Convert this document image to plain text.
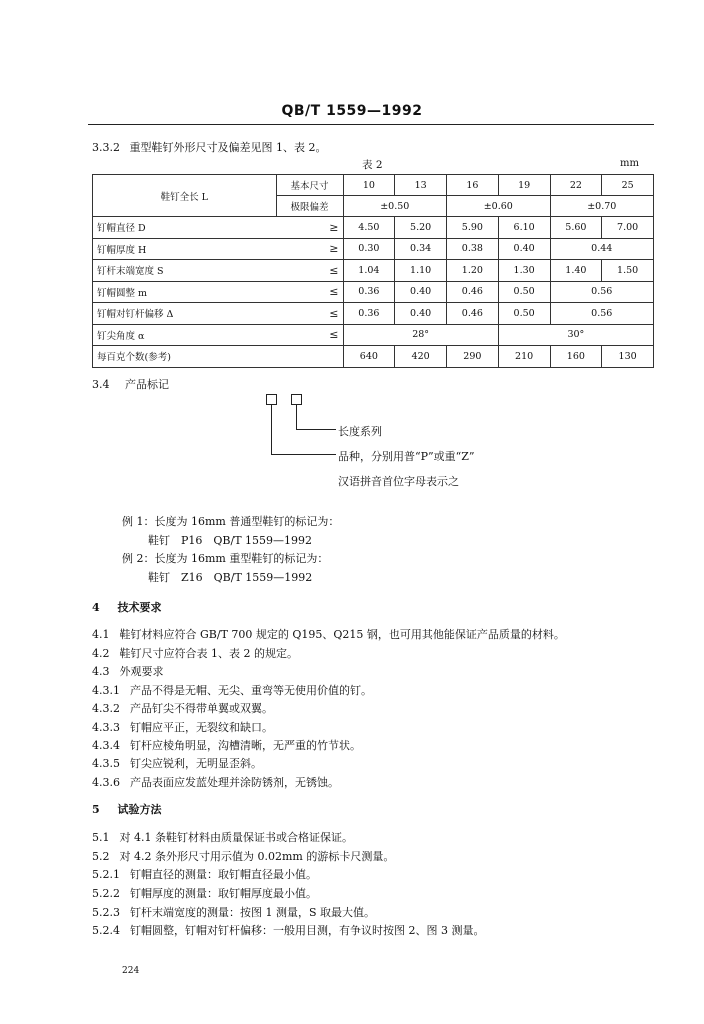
QB/T 1559—1992
3.3.2 重型鞋钉外形尺寸及偏差见图 1、表 2。
表 2	mm
鞋钉全长 L	基本尺寸	10	13	16	19	22	25
	极限偏差	±0.50		±0.60		±0.70	
钉帽直径 D	≥	4.50	5.20	5.90	6.10	5.60	7.00
钉帽厚度 H	≥	0.30	0.34	0.38	0.40	0.44	
钉杆末端宽度 S	≤	1.04	1.10	1.20	1.30	1.40	1.50
钉帽圆整 m	≤	0.36	0.40	0.46	0.50	0.56	
钉帽对钉杆偏移 Δ	≤	0.36	0.40	0.46	0.50	0.56	
钉尖角度 α	≤	28°			30°		
每百克个数(参考)		640	420	290	210	160	130
3.4 产品标记
长度系列
品种，分别用普“P”或重“Z”
汉语拼音首位字母表示之
例 1：长度为 16mm 普通型鞋钉的标记为：
鞋钉　P16　QB/T 1559—1992
例 2：长度为 16mm 重型鞋钉的标记为：
鞋钉　Z16　QB/T 1559—1992
4 技术要求
4.1 鞋钉材料应符合 GB/T 700 规定的 Q195、Q215 钢，也可用其他能保证产品质量的材料。
4.2 鞋钉尺寸应符合表 1、表 2 的规定。
4.3 外观要求
4.3.1 产品不得是无帽、无尖、重弯等无使用价值的钉。
4.3.2 产品钉尖不得带单翼或双翼。
4.3.3 钉帽应平正，无裂纹和缺口。
4.3.4 钉杆应棱角明显，沟槽清晰，无严重的竹节状。
4.3.5 钉尖应锐利，无明显歪斜。
4.3.6 产品表面应发蓝处理并涂防锈剂，无锈蚀。
5 试验方法
5.1 对 4.1 条鞋钉材料由质量保证书或合格证保证。
5.2 对 4.2 条外形尺寸用示值为 0.02mm 的游标卡尺测量。
5.2.1 钉帽直径的测量：取钉帽直径最小值。
5.2.2 钉帽厚度的测量：取钉帽厚度最小值。
5.2.3 钉杆末端宽度的测量：按图 1 测量，S 取最大值。
5.2.4 钉帽圆整，钉帽对钉杆偏移：一般用目测，有争议时按图 2、图 3 测量。
224
